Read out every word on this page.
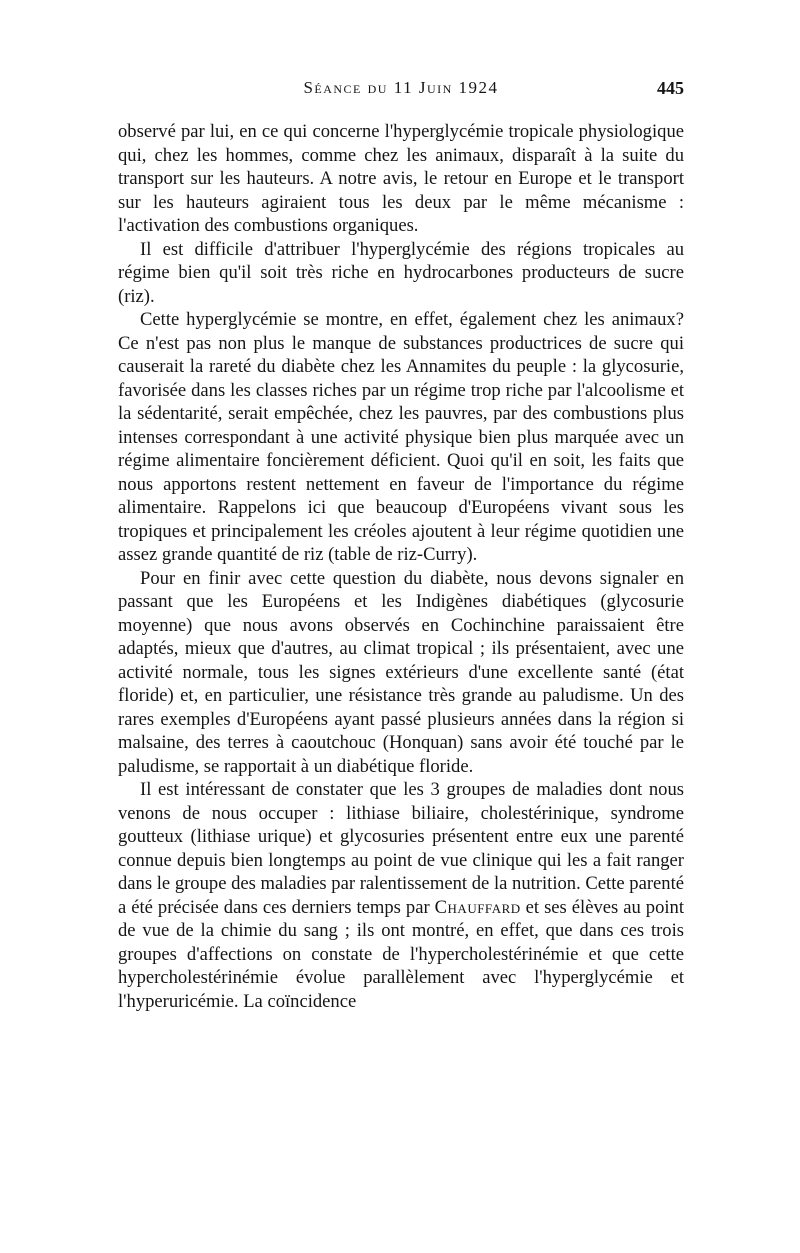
Séance du 11 Juin 1924	445

observé par lui, en ce qui concerne l'hyperglycémie tropicale physiologique qui, chez les hommes, comme chez les animaux, disparaît à la suite du transport sur les hauteurs. A notre avis, le retour en Europe et le transport sur les hauteurs agiraient tous les deux par le même mécanisme : l'activation des combustions organiques.

Il est difficile d'attribuer l'hyperglycémie des régions tropicales au régime bien qu'il soit très riche en hydrocarbones producteurs de sucre (riz).

Cette hyperglycémie se montre, en effet, également chez les animaux? Ce n'est pas non plus le manque de substances productrices de sucre qui causerait la rareté du diabète chez les Annamites du peuple : la glycosurie, favorisée dans les classes riches par un régime trop riche par l'alcoolisme et la sédentarité, serait empêchée, chez les pauvres, par des combustions plus intenses correspondant à une activité physique bien plus marquée avec un régime alimentaire foncièrement déficient. Quoi qu'il en soit, les faits que nous apportons restent nettement en faveur de l'importance du régime alimentaire. Rappelons ici que beaucoup d'Européens vivant sous les tropiques et principalement les créoles ajoutent à leur régime quotidien une assez grande quantité de riz (table de riz-Curry).

Pour en finir avec cette question du diabète, nous devons signaler en passant que les Européens et les Indigènes diabétiques (glycosurie moyenne) que nous avons observés en Cochinchine paraissaient être adaptés, mieux que d'autres, au climat tropical ; ils présentaient, avec une activité normale, tous les signes extérieurs d'une excellente santé (état floride) et, en particulier, une résistance très grande au paludisme. Un des rares exemples d'Européens ayant passé plusieurs années dans la région si malsaine, des terres à caoutchouc (Honquan) sans avoir été touché par le paludisme, se rapportait à un diabétique floride.

Il est intéressant de constater que les 3 groupes de maladies dont nous venons de nous occuper : lithiase biliaire, cholestérinique, syndrome goutteux (lithiase urique) et glycosuries présentent entre eux une parenté connue depuis bien longtemps au point de vue clinique qui les a fait ranger dans le groupe des maladies par ralentissement de la nutrition. Cette parenté a été précisée dans ces derniers temps par Chauffard et ses élèves au point de vue de la chimie du sang ; ils ont montré, en effet, que dans ces trois groupes d'affections on constate de l'hypercholestérinémie et que cette hypercholestérinémie évolue parallèlement avec l'hyperglycémie et l'hyperuricémie. La coïncidence
